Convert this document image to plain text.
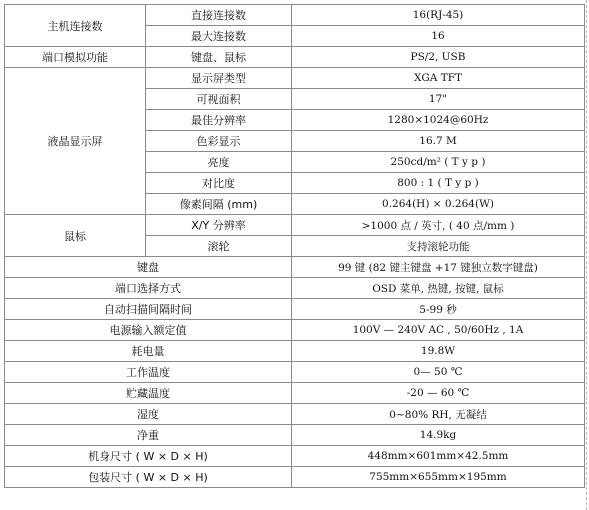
主机连接数	直接连接数	16(RJ-45)
	最大连接数	16
端口模拟功能	键盘、鼠标	PS/2, USB
液晶显示屏	显示屏类型	XGA TFT
	可视面积	17"
	最佳分辨率	1280×1024@60Hz
	色彩显示	16.7 M
	亮度	250cd/m² ( T y p )
	对比度	800 : 1 ( T y p )
	像素间隔 (mm)	0.264(H) × 0.264(W)
鼠标	X/Y 分辨率	>1000 点 / 英寸, ( 40 点/mm )
	滚轮	支持滚轮功能
键盘		99 键 (82 键主键盘 +17 键独立数字键盘)
端口选择方式		OSD 菜单, 热键, 按键, 鼠标
自动扫描间隔时间		5-99 秒
电源输入额定值		100V — 240V AC , 50/60Hz , 1A
耗电量		19.8W
工作温度		0— 50 ℃
贮藏温度		-20 — 60 ℃
湿度		0~80% RH, 无凝结
净重		14.9kg
机身尺寸 ( W × D × H)		448mm×601mm×42.5mm
包装尺寸 ( W × D × H)		755mm×655mm×195mm
